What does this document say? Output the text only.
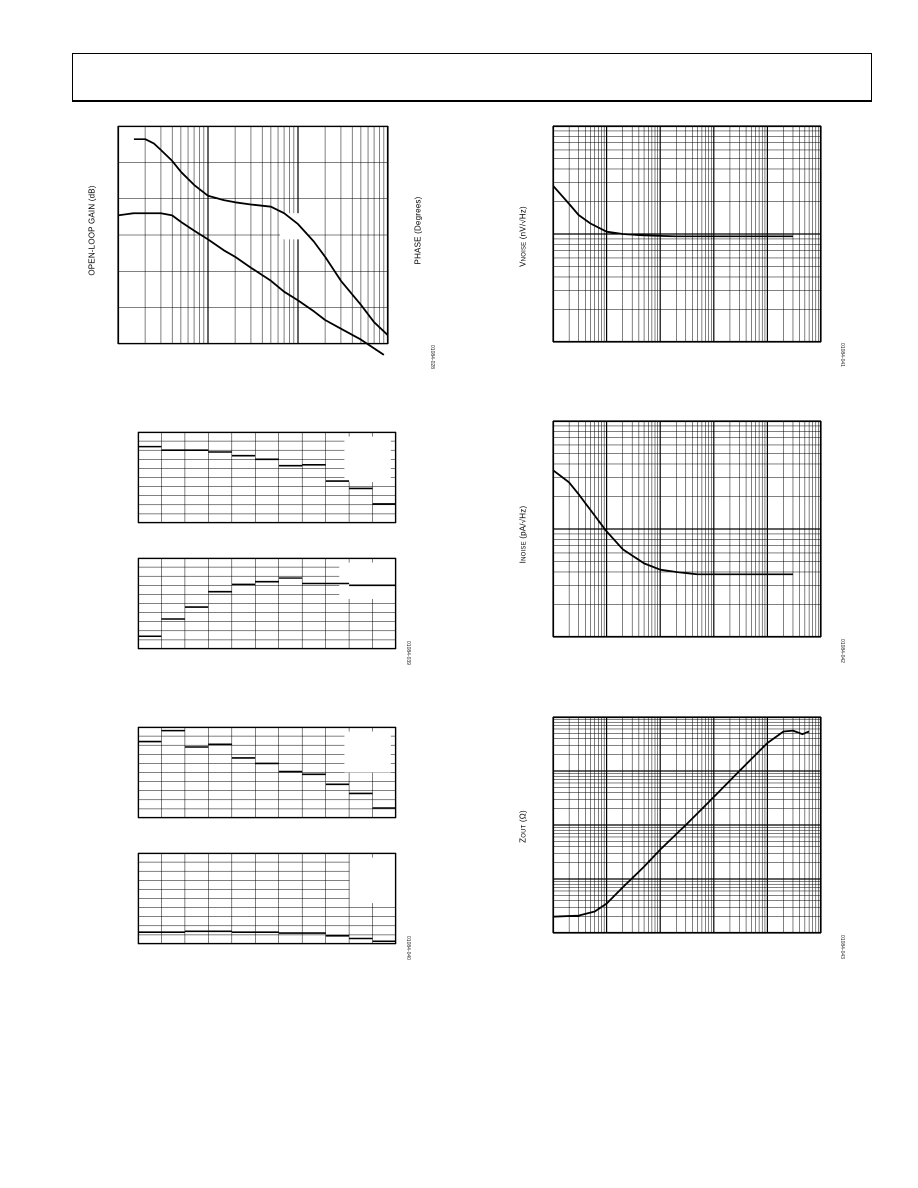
OPEN-LOOP GAIN (dB)	PHASE (Degrees)
01084-028
01084-039
01084-040
VNOISE (nV/√Hz)
01084-041
INOISE (pA/√Hz)
01084-042
ZOUT (Ω)
01084-043
